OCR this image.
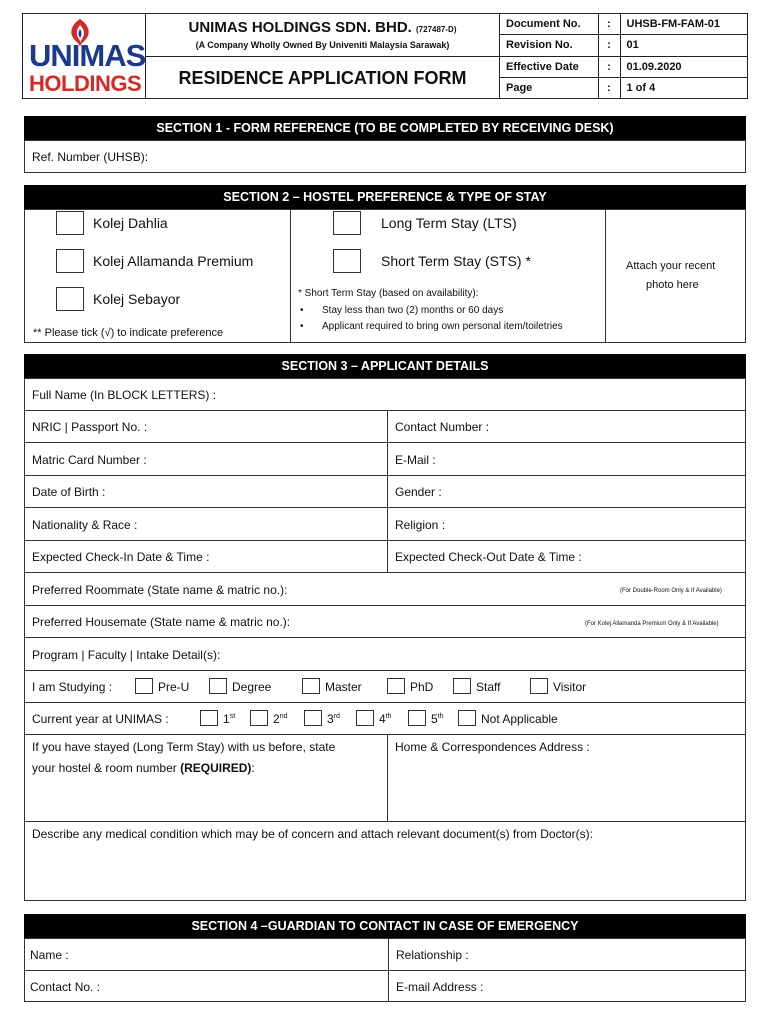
UNIMAS
HOLDINGS
UNIMAS HOLDINGS SDN. BHD. (727487-D)
(A Company Wholly Owned By Univeniti Malaysia Sarawak)
RESIDENCE APPLICATION FORM
Document No.	:	UHSB-FM-FAM-01
Revision No.	:	01
Effective Date	:	01.09.2020
Page	:	1 of 4
SECTION 1 - FORM REFERENCE (TO BE COMPLETED BY RECEIVING DESK)
Ref. Number (UHSB):
SECTION 2 – HOSTEL PREFERENCE & TYPE OF STAY
Kolej Dahlia
Kolej Allamanda Premium
Kolej Sebayor
** Please tick (√) to indicate preference
Long Term Stay (LTS)
Short Term Stay (STS) *
* Short Term Stay (based on availability):
• Stay less than two (2) months or 60 days
• Applicant required to bring own personal item/toiletries
Attach your recent
photo here
SECTION 3 – APPLICANT DETAILS
Full Name (In BLOCK LETTERS) :
NRIC | Passport No. :	Contact Number :
Matric Card Number :	E-Mail :
Date of Birth :	Gender :
Nationality & Race :	Religion :
Expected Check-In Date & Time :	Expected Check-Out Date & Time :
Preferred Roommate (State name & matric no.):	(For Double-Room Only & If Available)
Preferred Housemate (State name & matric no.):	(For Kolej Allamanda Premium Only & If Available)
Program | Faculty | Intake Detail(s):
I am Studying :	Pre-U	Degree	Master	PhD	Staff	Visitor
Current year at UNIMAS :	1st	2nd	3rd	4th	5th	Not Applicable
If you have stayed (Long Term Stay) with us before, state
your hostel & room number (REQUIRED):
Home & Correspondences Address :
Describe any medical condition which may be of concern and attach relevant document(s) from Doctor(s):
SECTION 4 –GUARDIAN TO CONTACT IN CASE OF EMERGENCY
Name :	Relationship :
Contact No. :	E-mail Address :
